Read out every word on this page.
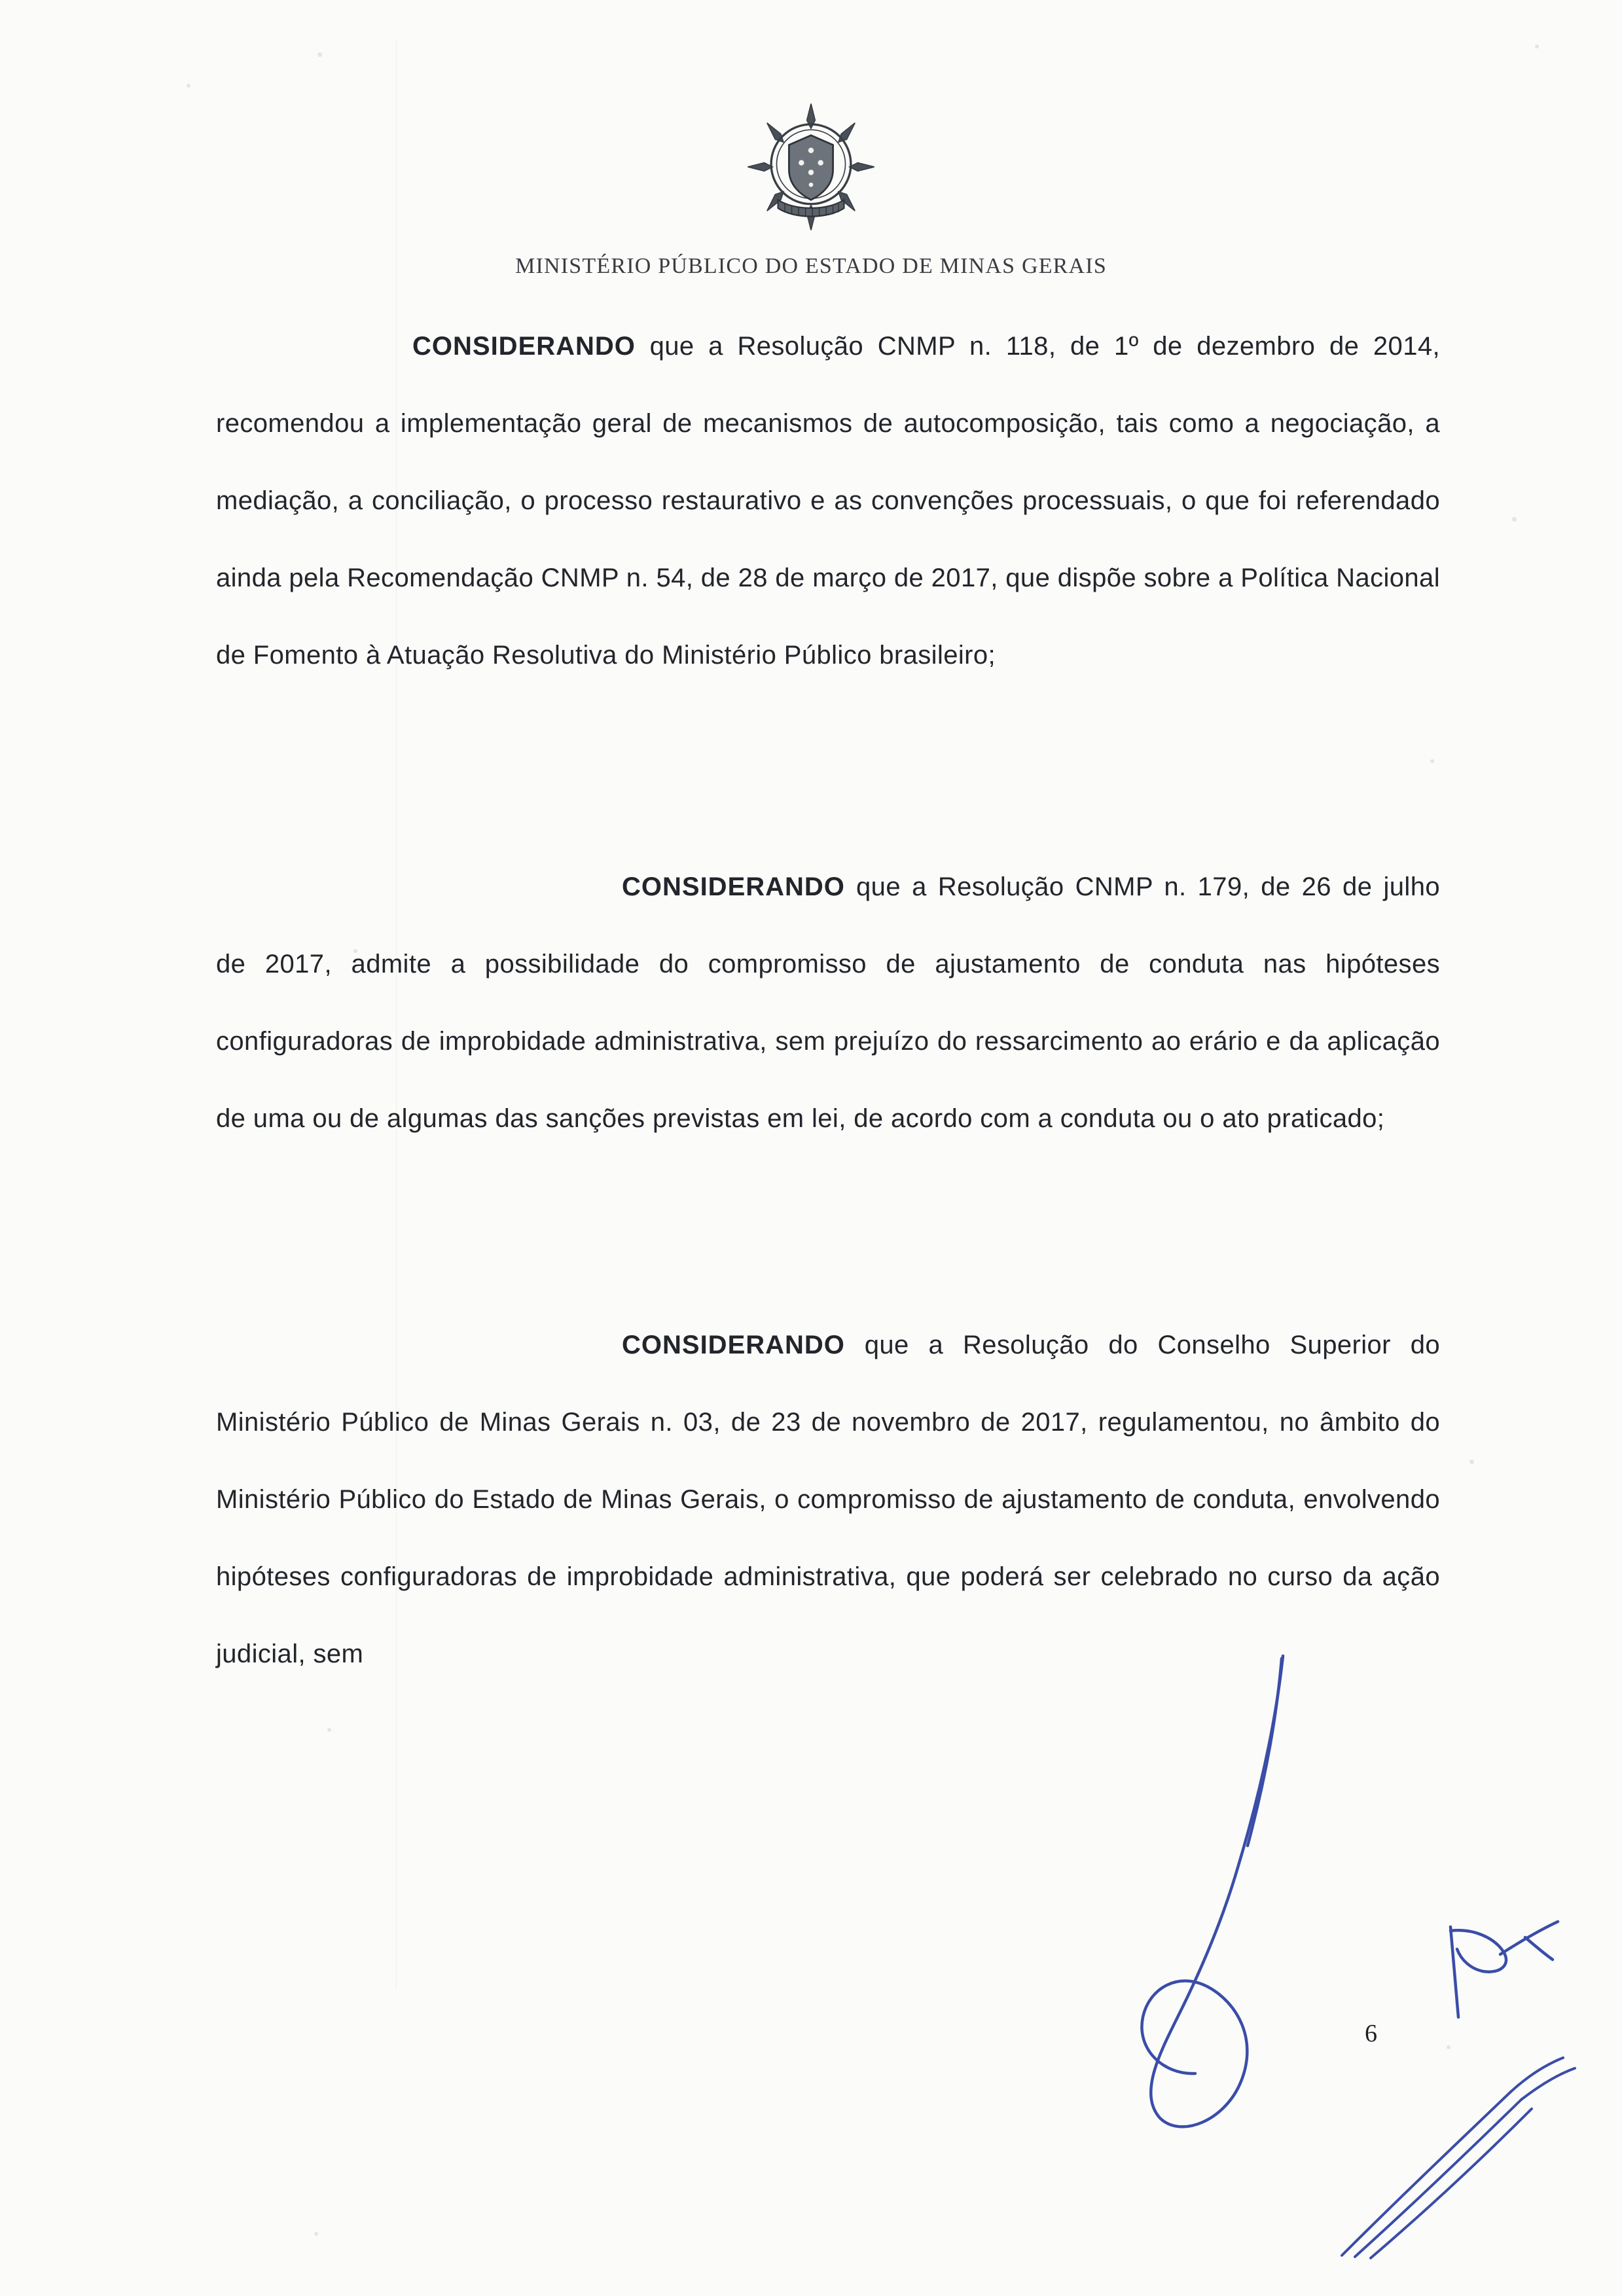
MINISTÉRIO PÚBLICO DO ESTADO DE MINAS GERAIS

CONSIDERANDO que a Resolução CNMP n. 118, de 1º de dezembro de 2014, recomendou a implementação geral de mecanismos de autocomposição, tais como a negociação, a mediação, a conciliação, o processo restaurativo e as convenções processuais, o que foi referendado ainda pela Recomendação CNMP n. 54, de 28 de março de 2017, que dispõe sobre a Política Nacional de Fomento à Atuação Resolutiva do Ministério Público brasileiro;

CONSIDERANDO que a Resolução CNMP n. 179, de 26 de julho de 2017, admite a possibilidade do compromisso de ajustamento de conduta nas hipóteses configuradoras de improbidade administrativa, sem prejuízo do ressarcimento ao erário e da aplicação de uma ou de algumas das sanções previstas em lei, de acordo com a conduta ou o ato praticado;

CONSIDERANDO que a Resolução do Conselho Superior do Ministério Público de Minas Gerais n. 03, de 23 de novembro de 2017, regulamentou, no âmbito do Ministério Público do Estado de Minas Gerais, o compromisso de ajustamento de conduta, envolvendo hipóteses configuradoras de improbidade administrativa, que poderá ser celebrado no curso da ação judicial, sem

6
